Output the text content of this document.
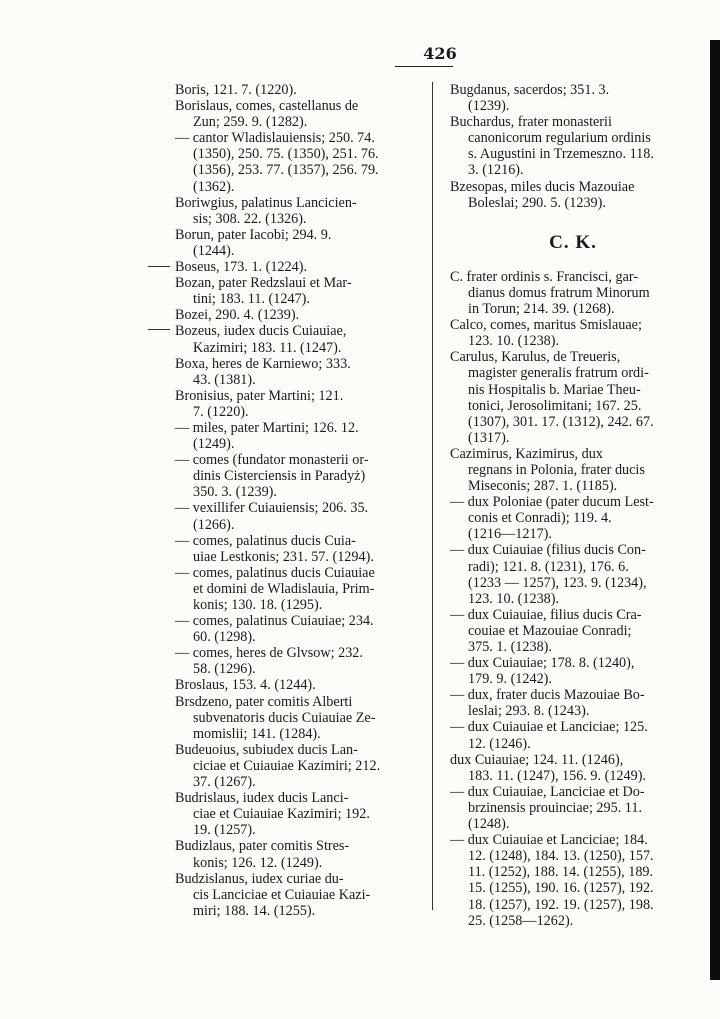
426
Boris, 121. 7. (1220).
Borislaus, comes, castellanus de
Zun; 259. 9. (1282).
— cantor Wladislauiensis; 250. 74.
(1350), 250. 75. (1350), 251. 76.
(1356), 253. 77. (1357), 256. 79.
(1362).
Boriwgius, palatinus Lancicien-
sis; 308. 22. (1326).
Borun, pater Iacobi; 294. 9.
(1244).
Boseus, 173. 1. (1224).
Bozan, pater Redzslaui et Mar-
tini; 183. 11. (1247).
Bozei, 290. 4. (1239).
Bozeus, iudex ducis Cuiauiae,
Kazimiri; 183. 11. (1247).
Boxa, heres de Karniewo; 333.
43. (1381).
Bronisius, pater Martini; 121.
7. (1220).
— miles, pater Martini; 126. 12.
(1249).
— comes (fundator monasterii or-
dinis Cisterciensis in Paradyż)
350. 3. (1239).
— vexillifer Cuiauiensis; 206. 35.
(1266).
— comes, palatinus ducis Cuia-
uiae Lestkonis; 231. 57. (1294).
— comes, palatinus ducis Cuiauiae
et domini de Wladislauia, Prim-
konis; 130. 18. (1295).
— comes, palatinus Cuiauiae; 234.
60. (1298).
— comes, heres de Glvsow; 232.
58. (1296).
Broslaus, 153. 4. (1244).
Brsdzeno, pater comitis Alberti
subvenatoris ducis Cuiauiae Ze-
momislii; 141. (1284).
Budeuoius, subiudex ducis Lan-
ciciae et Cuiauiae Kazimiri; 212.
37. (1267).
Budrislaus, iudex ducis Lanci-
ciae et Cuiauiae Kazimiri; 192.
19. (1257).
Budizlaus, pater comitis Stres-
konis; 126. 12. (1249).
Budzislanus, iudex curiae du-
cis Lanciciae et Cuiauiae Kazi-
miri; 188. 14. (1255).
Bugdanus, sacerdos; 351. 3.
(1239).
Buchardus, frater monasterii
canonicorum regularium ordinis
s. Augustini in Trzemeszno. 118.
3. (1216).
Bzesopas, miles ducis Mazouiae
Boleslai; 290. 5. (1239).
C. K.
C. frater ordinis s. Francisci, gar-
dianus domus fratrum Minorum
in Torun; 214. 39. (1268).
Calco, comes, maritus Smislauae;
123. 10. (1238).
Carulus, Karulus, de Treueris,
magister generalis fratrum ordi-
nis Hospitalis b. Mariae Theu-
tonici, Jerosolimitani; 167. 25.
(1307), 301. 17. (1312), 242. 67.
(1317).
Cazimirus, Kazimirus, dux
regnans in Polonia, frater ducis
Miseconis; 287. 1. (1185).
— dux Poloniae (pater ducum Lest-
conis et Conradi); 119. 4.
(1216—1217).
— dux Cuiauiae (filius ducis Con-
radi); 121. 8. (1231), 176. 6.
(1233 — 1257), 123. 9. (1234),
123. 10. (1238).
— dux Cuiauiae, filius ducis Cra-
couiae et Mazouiae Conradi;
375. 1. (1238).
— dux Cuiauiae; 178. 8. (1240),
179. 9. (1242).
— dux, frater ducis Mazouiae Bo-
leslai; 293. 8. (1243).
— dux Cuiauiae et Lanciciae; 125.
12. (1246).
dux Cuiauiae; 124. 11. (1246),
183. 11. (1247), 156. 9. (1249).
— dux Cuiauiae, Lanciciae et Do-
brzinensis prouinciae; 295. 11.
(1248).
— dux Cuiauiae et Lanciciae; 184.
12. (1248), 184. 13. (1250), 157.
11. (1252), 188. 14. (1255), 189.
15. (1255), 190. 16. (1257), 192.
18. (1257), 192. 19. (1257), 198.
25. (1258—1262).
